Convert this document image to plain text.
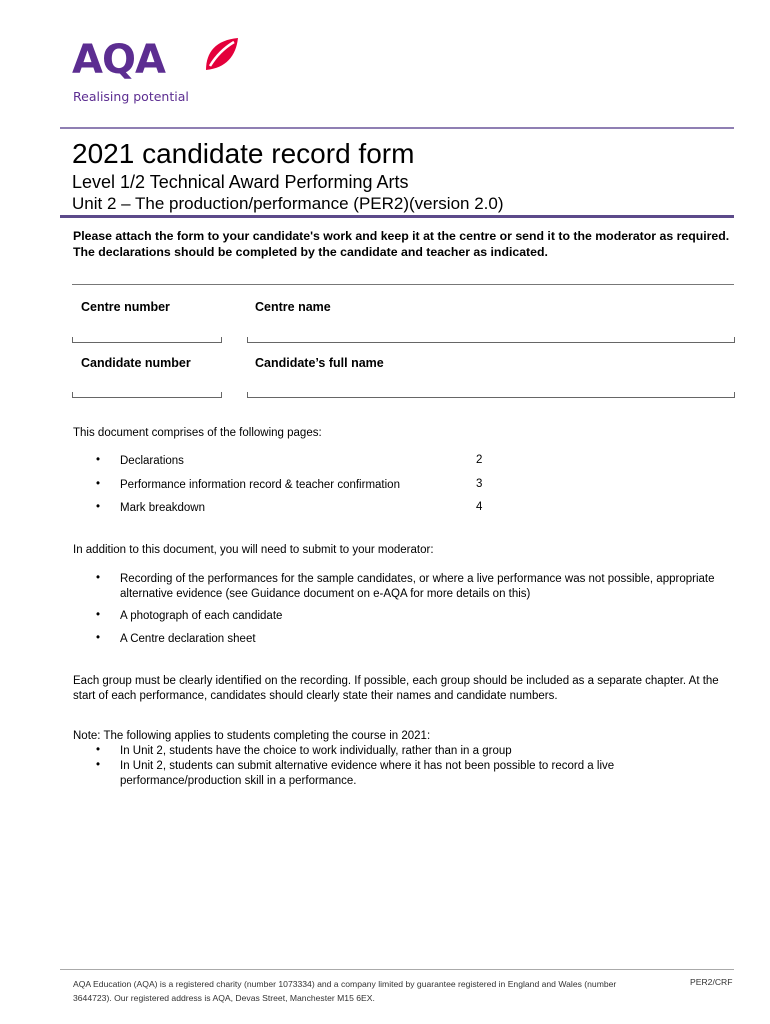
AQA
Realising potential
2021 candidate record form
Level 1/2 Technical Award Performing Arts
Unit 2 – The production/performance (PER2)(version 2.0)
Please attach the form to your candidate's work and keep it at the centre or send it to the moderator as required. The declarations should be completed by the candidate and teacher as indicated.
Centre number	Centre name
Candidate number	Candidate’s full name
This document comprises of the following pages:
• Declarations	2
• Performance information record & teacher confirmation	3
• Mark breakdown	4
In addition to this document, you will need to submit to your moderator:
• Recording of the performances for the sample candidates, or where a live performance was not possible, appropriate alternative evidence (see Guidance document on e-AQA for more details on this)
• A photograph of each candidate
• A Centre declaration sheet
Each group must be clearly identified on the recording. If possible, each group should be included as a separate chapter. At the start of each performance, candidates should clearly state their names and candidate numbers.
Note: The following applies to students completing the course in 2021:
• In Unit 2, students have the choice to work individually, rather than in a group
• In Unit 2, students can submit alternative evidence where it has not been possible to record a live performance/production skill in a performance.
AQA Education (AQA) is a registered charity (number 1073334) and a company limited by guarantee registered in England and Wales (number 3644723). Our registered address is AQA, Devas Street, Manchester M15 6EX.
PER2/CRF
